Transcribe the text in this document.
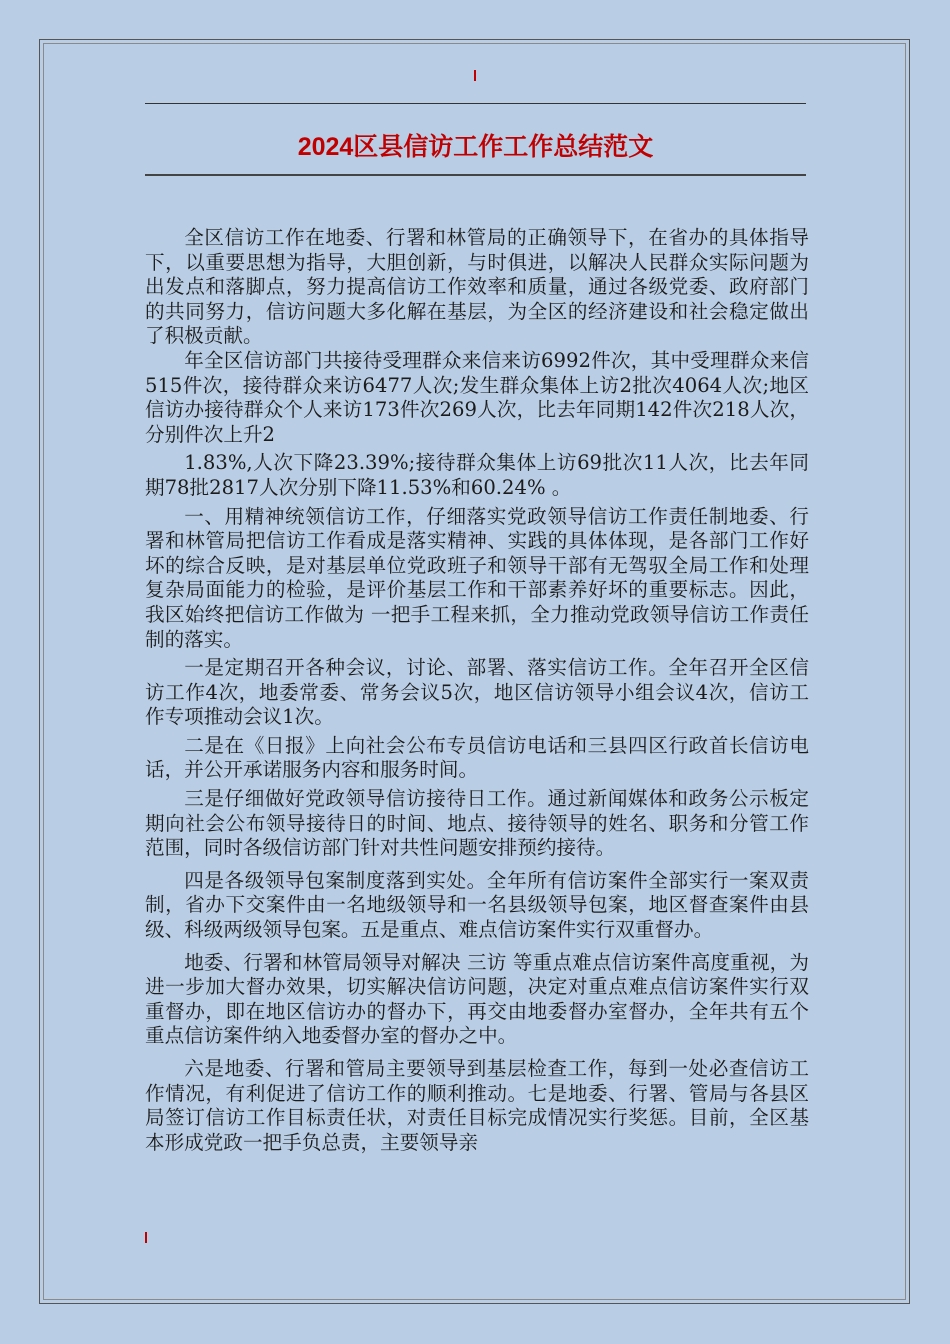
2024区县信访工作工作总结范文

全区信访工作在地委、行署和林管局的正确领导下，在省办的具体指导下，以重要思想为指导，大胆创新，与时俱进，以解决人民群众实际问题为出发点和落脚点，努力提高信访工作效率和质量，通过各级党委、政府部门的共同努力，信访问题大多化解在基层，为全区的经济建设和社会稳定做出了积极贡献。

年全区信访部门共接待受理群众来信来访6992件次，其中受理群众来信515件次，接待群众来访6477人次;发生群众集体上访2批次4064人次;地区信访办接待群众个人来访173件次269人次，比去年同期142件次218人次，分别件次上升2

1.83%,人次下降23.39%;接待群众集体上访69批次11人次，比去年同期78批2817人次分别下降11.53%和60.24% 。

一、用精神统领信访工作，仔细落实党政领导信访工作责任制地委、行署和林管局把信访工作看成是落实精神、实践的具体体现，是各部门工作好坏的综合反映，是对基层单位党政班子和领导干部有无驾驭全局工作和处理复杂局面能力的检验，是评价基层工作和干部素养好坏的重要标志。因此，我区始终把信访工作做为 一把手工程来抓，全力推动党政领导信访工作责任制的落实。

一是定期召开各种会议，讨论、部署、落实信访工作。全年召开全区信访工作4次，地委常委、常务会议5次，地区信访领导小组会议4次，信访工作专项推动会议1次。

二是在《日报》上向社会公布专员信访电话和三县四区行政首长信访电话，并公开承诺服务内容和服务时间。

三是仔细做好党政领导信访接待日工作。通过新闻媒体和政务公示板定期向社会公布领导接待日的时间、地点、接待领导的姓名、职务和分管工作范围，同时各级信访部门针对共性问题安排预约接待。

四是各级领导包案制度落到实处。全年所有信访案件全部实行一案双责制，省办下交案件由一名地级领导和一名县级领导包案，地区督查案件由县级、科级两级领导包案。五是重点、难点信访案件实行双重督办。

地委、行署和林管局领导对解决 三访 等重点难点信访案件高度重视，为进一步加大督办效果，切实解决信访问题，决定对重点难点信访案件实行双重督办，即在地区信访办的督办下，再交由地委督办室督办，全年共有五个重点信访案件纳入地委督办室的督办之中。

六是地委、行署和管局主要领导到基层检查工作，每到一处必查信访工作情况，有利促进了信访工作的顺利推动。七是地委、行署、管局与各县区局签订信访工作目标责任状，对责任目标完成情况实行奖惩。目前，全区基本形成党政一把手负总责，主要领导亲
